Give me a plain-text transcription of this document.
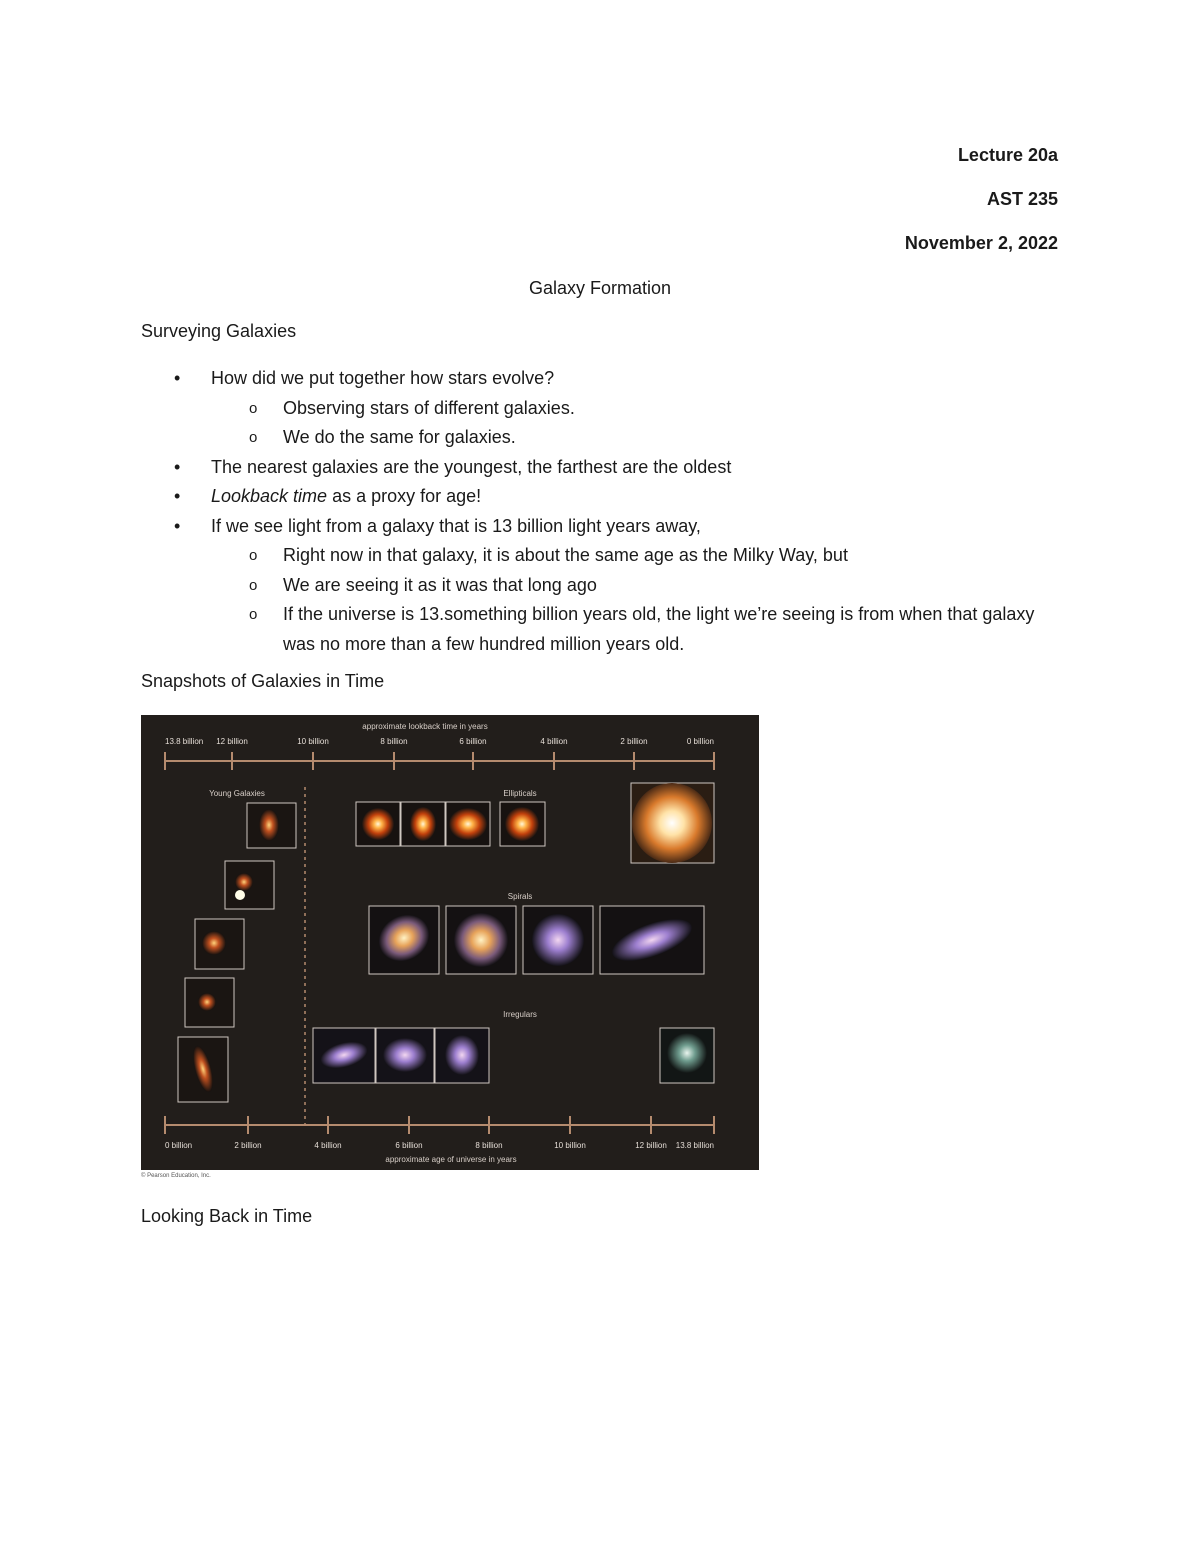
Lecture 20a
AST 235
November 2, 2022
Galaxy Formation
Surveying Galaxies
• How did we put together how stars evolve?
o Observing stars of different galaxies.
o We do the same for galaxies.
• The nearest galaxies are the youngest, the farthest are the oldest
• Lookback time as a proxy for age!
• If we see light from a galaxy that is 13 billion light years away,
o Right now in that galaxy, it is about the same age as the Milky Way, but
o We are seeing it as it was that long ago
o If the universe is 13.something billion years old, the light we’re seeing is from when that galaxy was no more than a few hundred million years old.
Snapshots of Galaxies in Time
approximate lookback time in years
13.8 billion 12 billion	10 billion	8 billion	6 billion	4 billion	2 billion	0 billion
Young Galaxies	Ellipticals
Spirals
Irregulars
0 billion	2 billion	4 billion	6 billion	8 billion	10 billion	12 billion 13.8 billion
approximate age of universe in years
© Pearson Education, Inc.
Looking Back in Time
